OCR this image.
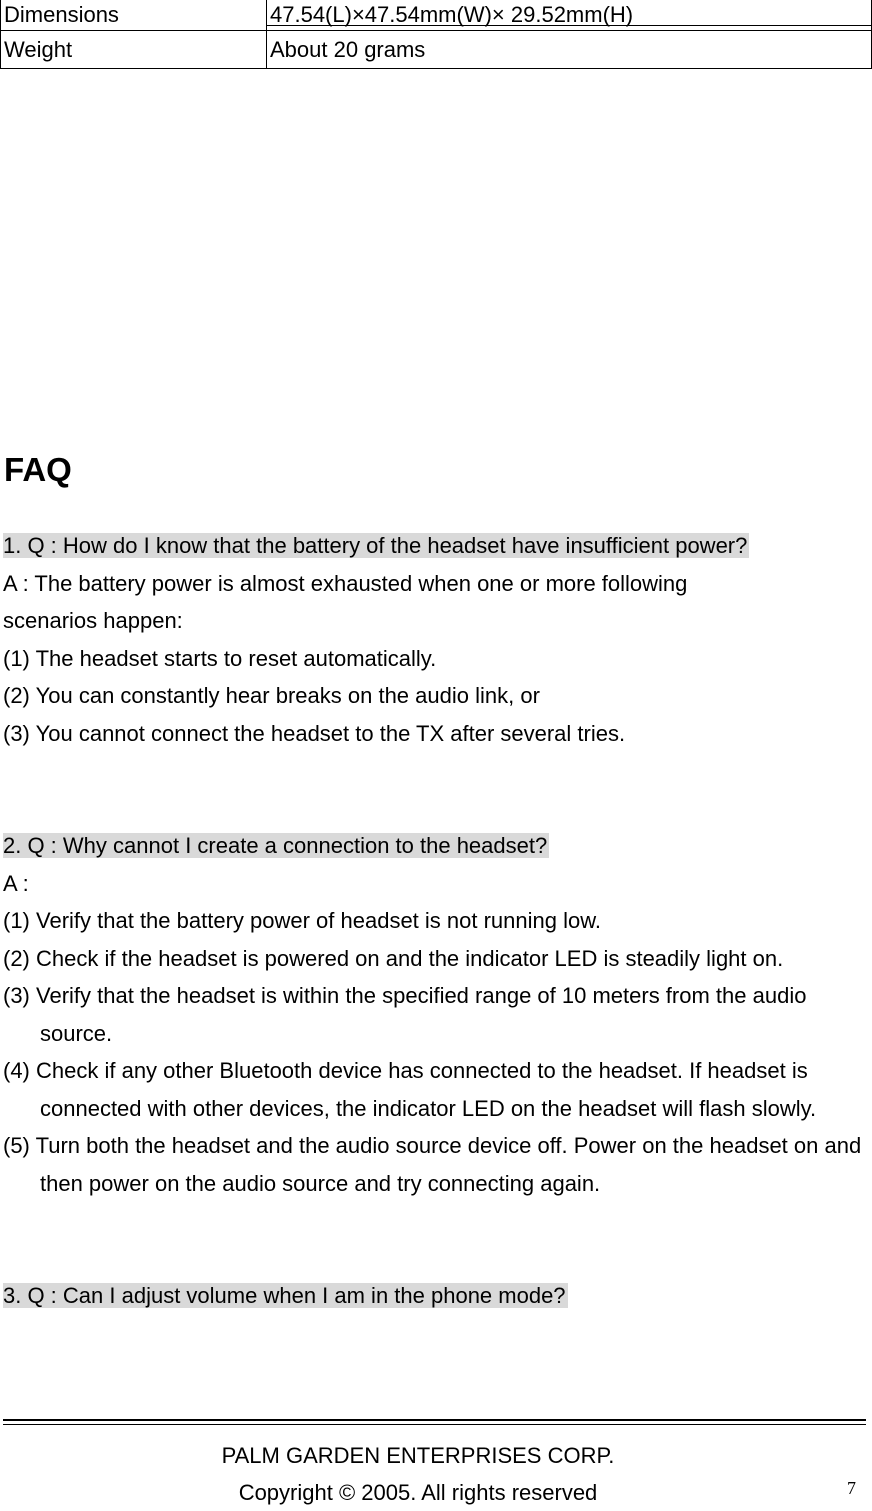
Dimensions	47.54(L)×47.54mm(W)× 29.52mm(H)
Weight	About 20 grams
FAQ
1. Q : How do I know that the battery of the headset have insufficient power?
A : The battery power is almost exhausted when one or more following
scenarios happen:
(1) The headset starts to reset automatically.
(2) You can constantly hear breaks on the audio link, or
(3) You cannot connect the headset to the TX after several tries.
2. Q : Why cannot I create a connection to the headset?
A :
(1) Verify that the battery power of headset is not running low.
(2) Check if the headset is powered on and the indicator LED is steadily light on.
(3) Verify that the headset is within the specified range of 10 meters from the audio source.
(4) Check if any other Bluetooth device has connected to the headset. If headset is connected with other devices, the indicator LED on the headset will flash slowly.
(5) Turn both the headset and the audio source device off. Power on the headset on and then power on the audio source and try connecting again.
3. Q : Can I adjust volume when I am in the phone mode?
PALM GARDEN ENTERPRISES CORP.
Copyright © 2005. All rights reserved	7
